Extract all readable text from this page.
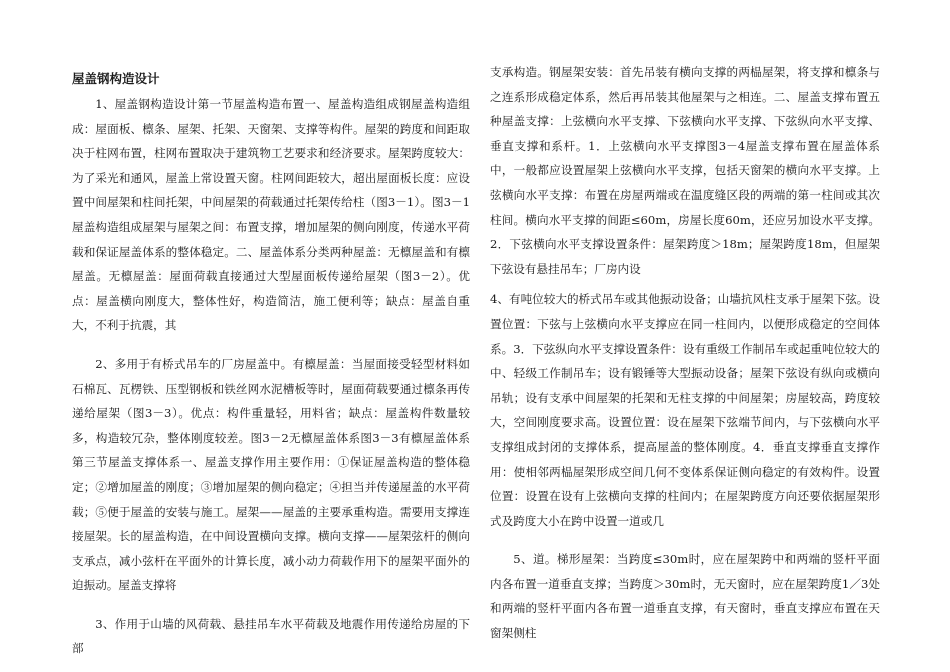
屋盖钢构造设计

1、屋盖钢构造设计第一节屋盖构造布置一、屋盖构造组成钢屋盖构造组成：屋面板、檩条、屋架、托架、天窗架、支撑等构件。屋架的跨度和间距取决于柱网布置，柱网布置取决于建筑物工艺要求和经济要求。屋架跨度较大：为了采光和通风，屋盖上常设置天窗。柱网间距较大，超出屋面板长度：应设置中间屋架和柱间托架，中间屋架的荷载通过托架传给柱（图3－1）。图3－1屋盖构造组成屋架与屋架之间：布置支撑，增加屋架的侧向刚度，传递水平荷载和保证屋盖体系的整体稳定。二、屋盖体系分类两种屋盖：无檩屋盖和有檩屋盖。无檩屋盖：屋面荷载直接通过大型屋面板传递给屋架（图3－2）。优点：屋盖横向刚度大，整体性好，构造简洁，施工便利等；缺点：屋盖自重大，不利于抗震，其

2、多用于有桥式吊车的厂房屋盖中。有檩屋盖：当屋面接受轻型材料如石棉瓦、瓦楞铁、压型钢板和铁丝网水泥槽板等时，屋面荷载要通过檩条再传递给屋架（图3－3）。优点：构件重量轻，用料省；缺点：屋盖构件数量较多，构造较冗杂，整体刚度较差。图3－2无檩屋盖体系图3－3有檩屋盖体系第三节屋盖支撑体系一、屋盖支撑作用主要作用：①保证屋盖构造的整体稳定；②增加屋盖的刚度；③增加屋架的侧向稳定；④担当并传递屋盖的水平荷载；⑤便于屋盖的安装与施工。屋架——屋盖的主要承重构造。需要用支撑连接屋架。长的屋盖构造，在中间设置横向支撑。横向支撑——屋架弦杆的侧向支承点，减小弦杆在平面外的计算长度，减小动力荷载作用下的屋架平面外的迫振动。屋盖支撑将

3、作用于山墙的风荷载、悬挂吊车水平荷载及地震作用传递给房屋的下部

支承构造。钢屋架安装：首先吊装有横向支撑的两榀屋架，将支撑和檩条与之连系形成稳定体系，然后再吊装其他屋架与之相连。二、屋盖支撑布置五种屋盖支撑：上弦横向水平支撑、下弦横向水平支撑、下弦纵向水平支撑、垂直支撑和系杆。1．上弦横向水平支撑图3－4屋盖支撑布置在屋盖体系中，一般都应设置屋架上弦横向水平支撑，包括天窗架的横向水平支撑。上弦横向水平支撑：布置在房屋两端或在温度缝区段的两端的第一柱间或其次柱间。横向水平支撑的间距≤60m，房屋长度60m，还应另加设水平支撑。2．下弦横向水平支撑设置条件：屋架跨度＞18m；屋架跨度18m，但屋架下弦设有悬挂吊车；厂房内设

4、有吨位较大的桥式吊车或其他振动设备；山墙抗风柱支承于屋架下弦。设置位置：下弦与上弦横向水平支撑应在同一柱间内，以便形成稳定的空间体系。3．下弦纵向水平支撑设置条件：设有重级工作制吊车或起重吨位较大的中、轻级工作制吊车；设有锻锤等大型振动设备；屋架下弦设有纵向或横向吊轨；设有支承中间屋架的托架和无柱支撑的中间屋架；房屋较高，跨度较大，空间刚度要求高。设置位置：设在屋架下弦端节间内，与下弦横向水平支撑组成封闭的支撑体系，提高屋盖的整体刚度。4．垂直支撑垂直支撑作用：使相邻两榀屋架形成空间几何不变体系保证侧向稳定的有效构件。设置位置：设置在设有上弦横向支撑的柱间内；在屋架跨度方向还要依据屋架形式及跨度大小在跨中设置一道或几

5、道。梯形屋架：当跨度≤30m时，应在屋架跨中和两端的竖杆平面内各布置一道垂直支撑；当跨度＞30m时，无天窗时，应在屋架跨度1／3处和两端的竖杆平面内各布置一道垂直支撑，有天窗时，垂直支撑应布置在天窗架侧柱
